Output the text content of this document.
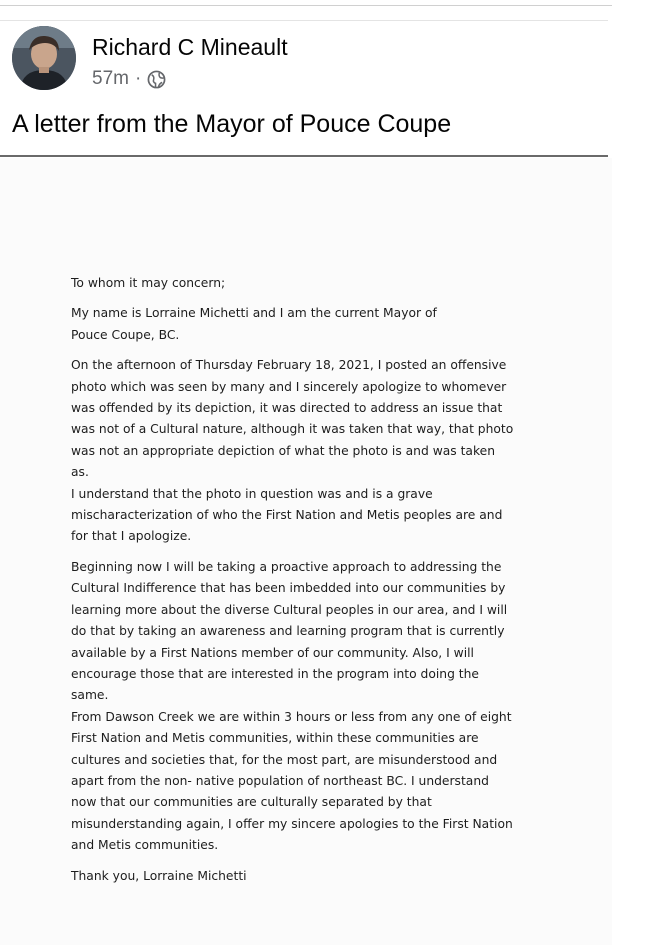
Richard C Mineault
57m ·
A letter from the Mayor of Pouce Coupe

To whom it may concern;

My name is Lorraine Michetti and I am the current Mayor of
Pouce Coupe, BC.

On the afternoon of Thursday February 18, 2021, I posted an offensive
photo which was seen by many and I sincerely apologize to whomever
was offended by its depiction, it was directed to address an issue that
was not of a Cultural nature, although it was taken that way, that photo
was not an appropriate depiction of what the photo is and was taken
as.

I understand that the photo in question was and is a grave
mischaracterization of who the First Nation and Metis peoples are and
for that I apologize.

Beginning now I will be taking a proactive approach to addressing the
Cultural Indifference that has been imbedded into our communities by
learning more about the diverse Cultural peoples in our area, and I will
do that by taking an awareness and learning program that is currently
available by a First Nations member of our community. Also, I will
encourage those that are interested in the program into doing the
same.

From Dawson Creek we are within 3 hours or less from any one of eight
First Nation and Metis communities, within these communities are
cultures and societies that, for the most part, are misunderstood and
apart from the non- native population of northeast BC. I understand
now that our communities are culturally separated by that
misunderstanding again, I offer my sincere apologies to the First Nation
and Metis communities.

Thank you, Lorraine Michetti
